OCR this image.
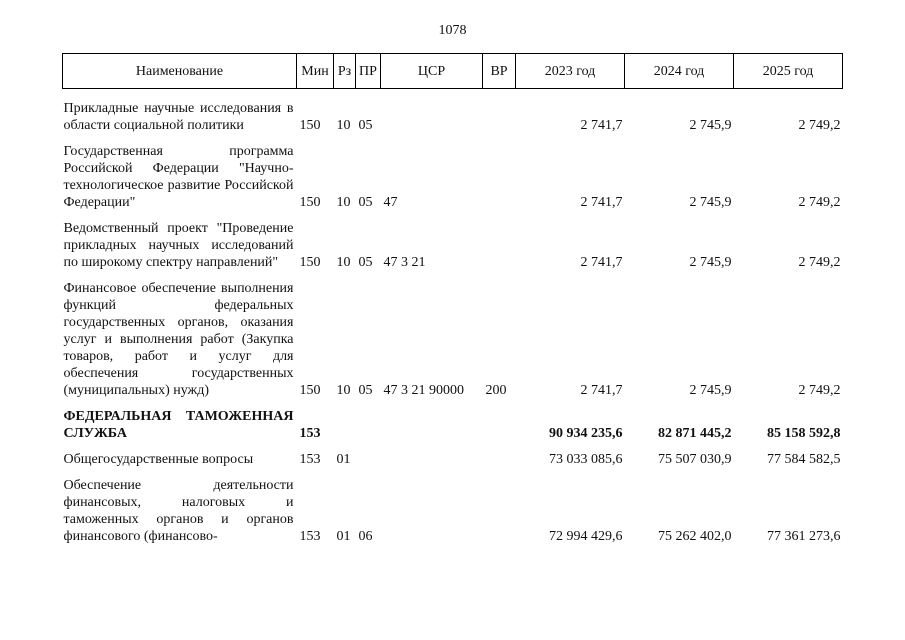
1078
Наименование	Мин	Рз	ПР	ЦСР	ВР	2023 год	2024 год	2025 год

Прикладные научные исследования в области социальной политики	150	10	05			2 741,7	2 745,9	2 749,2
Государственная программа Российской Федерации "Научно-технологическое развитие Российской Федерации"	150	10	05	47		2 741,7	2 745,9	2 749,2
Ведомственный проект "Проведение прикладных научных исследований по широкому спектру направлений"	150	10	05	47 3 21		2 741,7	2 745,9	2 749,2
Финансовое обеспечение выполнения функций федеральных государственных органов, оказания услуг и выполнения работ (Закупка товаров, работ и услуг для обеспечения государственных (муниципальных) нужд)	150	10	05	47 3 21 90000	200	2 741,7	2 745,9	2 749,2
ФЕДЕРАЛЬНАЯ ТАМОЖЕННАЯ СЛУЖБА	153					90 934 235,6	82 871 445,2	85 158 592,8
Общегосударственные вопросы	153	01				73 033 085,6	75 507 030,9	77 584 582,5
Обеспечение деятельности финансовых, налоговых и таможенных органов и органов финансового (финансово-	153	01	06			72 994 429,6	75 262 402,0	77 361 273,6
